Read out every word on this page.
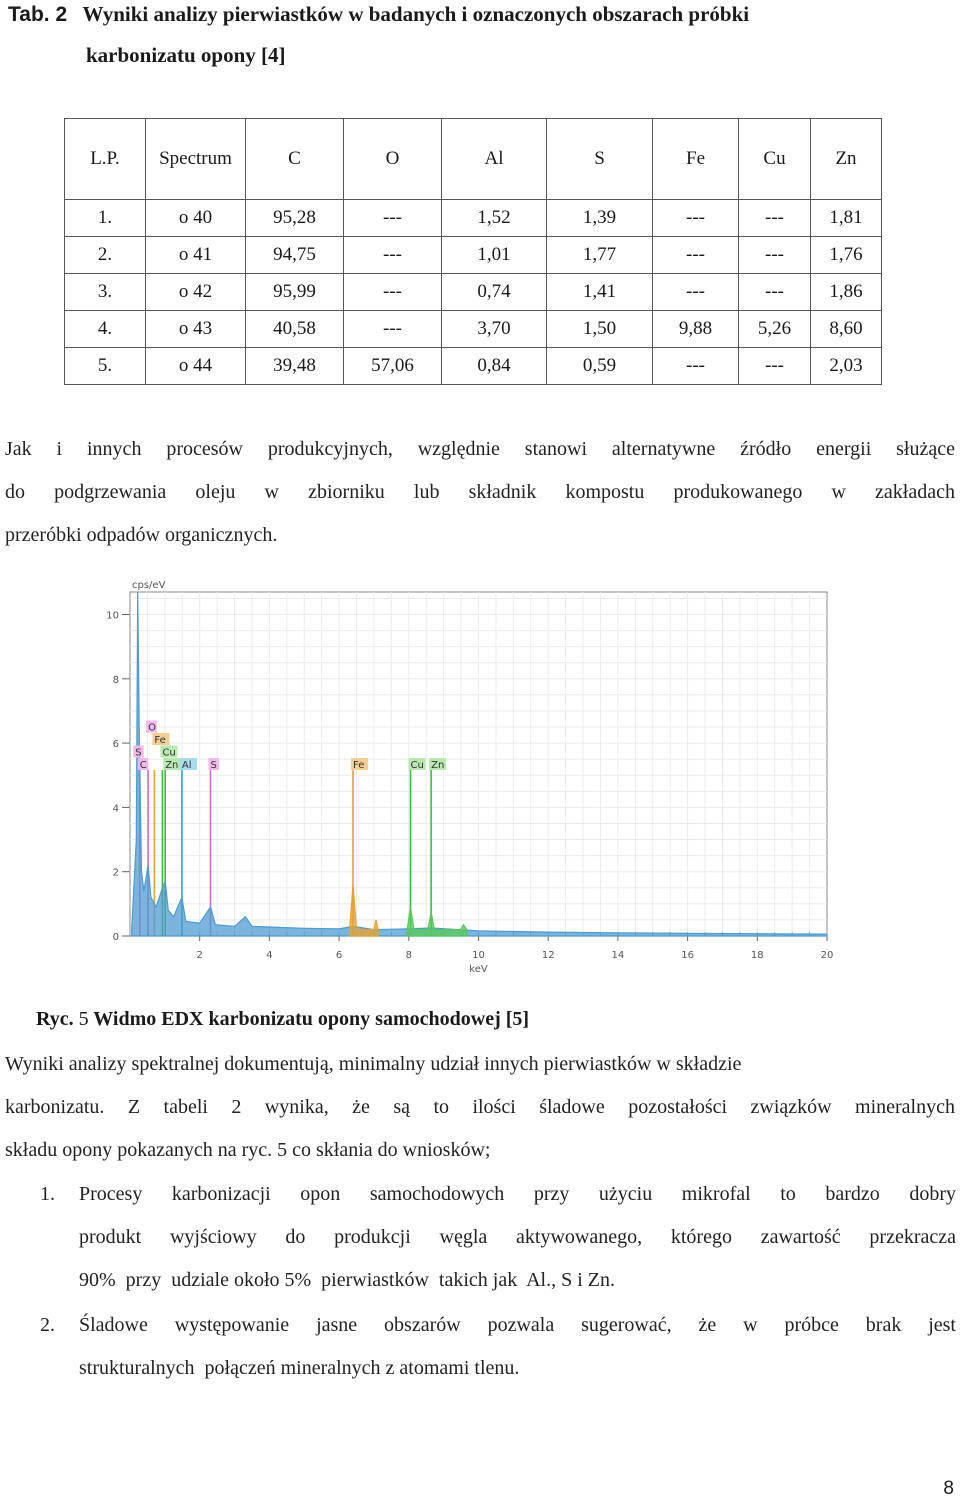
Tab. 2 Wyniki analizy pierwiastków w badanych i oznaczonych obszarach próbki
karbonizatu opony [4]
L.P.	Spectrum	C	O	Al	S	Fe	Cu	Zn
1.	o 40	95,28	---	1,52	1,39	---	---	1,81
2.	o 41	94,75	---	1,01	1,77	---	---	1,76
3.	o 42	95,99	---	0,74	1,41	---	---	1,86
4.	o 43	40,58	---	3,70	1,50	9,88	5,26	8,60
5.	o 44	39,48	57,06	0,84	0,59	---	---	2,03
Jak i innych procesów produkcyjnych, względnie stanowi alternatywne źródło energii służące
do podgrzewania oleju w zbiorniku lub składnik kompostu produkowanego w zakładach
przeróbki odpadów organicznych.
0
2
4
6
8
10
2	4	6	8	10	12	14	16	18	20
cps/eV
keV
O
Fe
S Cu
C Zn Al S	Fe	Cu Zn
Ryc. 5 Widmo EDX karbonizatu opony samochodowej [5]
Wyniki analizy spektralnej dokumentują, minimalny udział innych pierwiastków w składzie
karbonizatu. Z tabeli 2 wynika, że są to ilości śladowe pozostałości związków mineralnych
składu opony pokazanych na ryc. 5 co skłania do wniosków;
1. Procesy karbonizacji opon samochodowych przy użyciu mikrofal to bardzo dobry
produkt wyjściowy do produkcji węgla aktywowanego, którego zawartość przekracza
90%  przy  udziale około 5%  pierwiastków  takich jak  Al., S i Zn.
2. Śladowe występowanie jasne obszarów pozwala sugerować, że w próbce brak jest
strukturalnych  połączeń mineralnych z atomami tlenu.
8
